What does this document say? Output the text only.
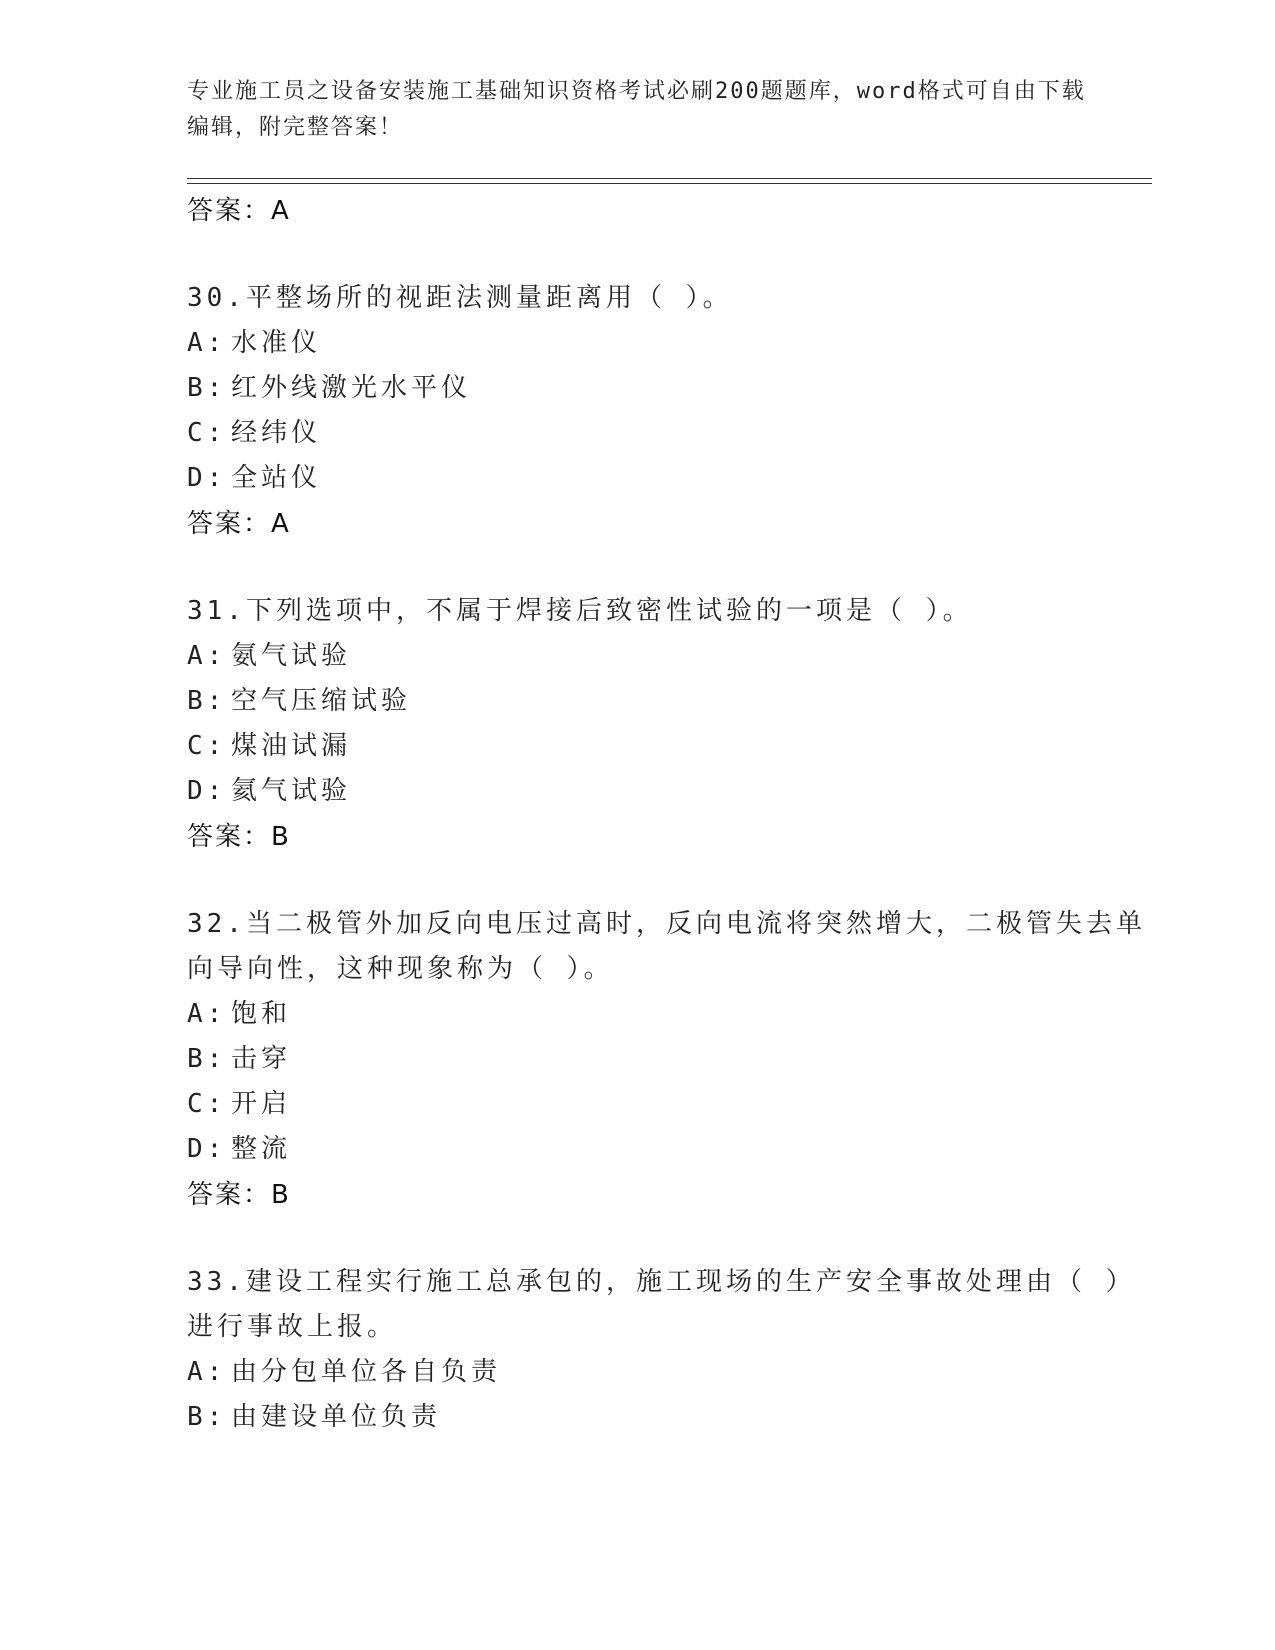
专业施工员之设备安装施工基础知识资格考试必刷200题题库，word格式可自由下载编辑，附完整答案！
答案：A
30.平整场所的视距法测量距离用（ ）。
A: 水准仪
B: 红外线激光水平仪
C: 经纬仪
D: 全站仪
答案：A
31.下列选项中，不属于焊接后致密性试验的一项是（ ）。
A: 氨气试验
B: 空气压缩试验
C: 煤油试漏
D: 氦气试验
答案：B
32.当二极管外加反向电压过高时，反向电流将突然增大，二极管失去单向导向性，这种现象称为（ ）。
A: 饱和
B: 击穿
C: 开启
D: 整流
答案：B
33.建设工程实行施工总承包的，施工现场的生产安全事故处理由（ ）进行事故上报。
A: 由分包单位各自负责
B: 由建设单位负责
